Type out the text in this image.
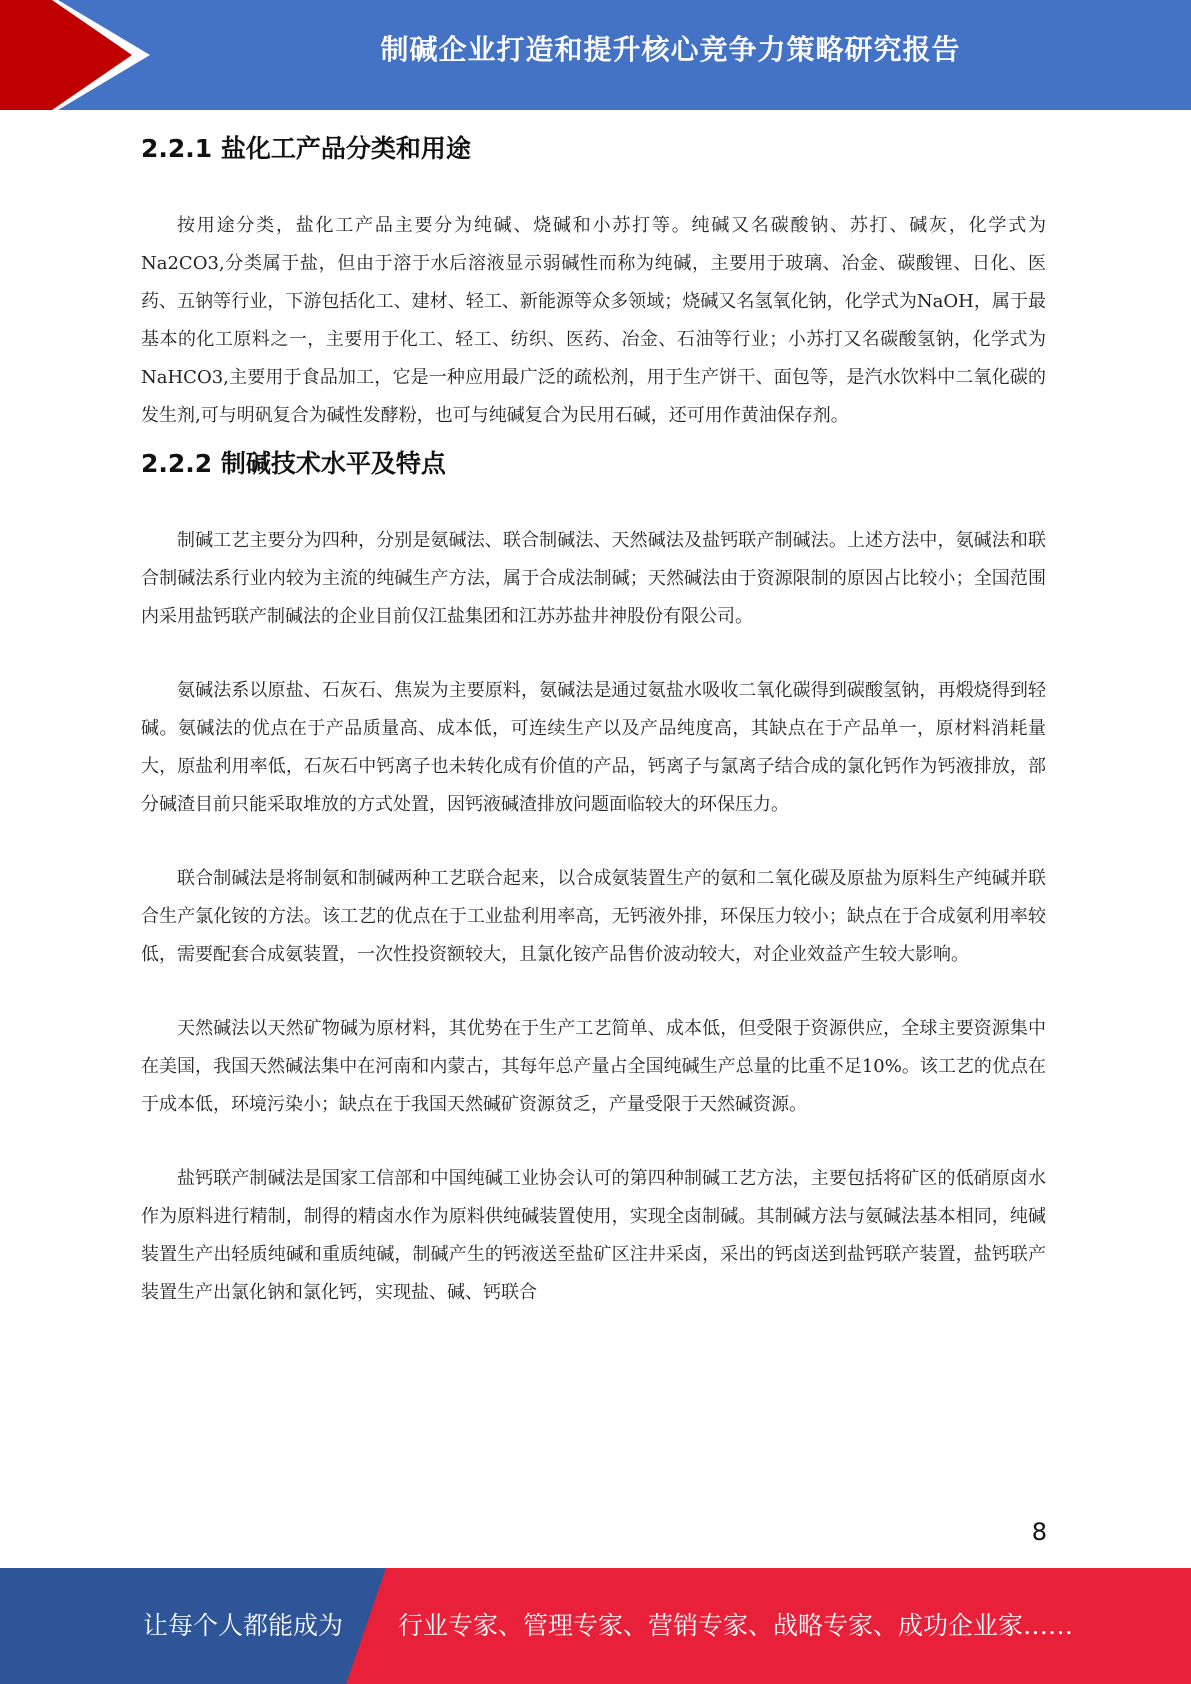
制碱企业打造和提升核心竞争力策略研究报告
2.2.1 盐化工产品分类和用途

按用途分类，盐化工产品主要分为纯碱、烧碱和小苏打等。纯碱又名碳酸钠、苏打、碱灰，化学式为Na2CO3,分类属于盐，但由于溶于水后溶液显示弱碱性而称为纯碱，主要用于玻璃、冶金、碳酸锂、日化、医药、五钠等行业，下游包括化工、建材、轻工、新能源等众多领域；烧碱又名氢氧化钠，化学式为NaOH，属于最基本的化工原料之一，主要用于化工、轻工、纺织、医药、冶金、石油等行业；小苏打又名碳酸氢钠，化学式为NaHCO3,主要用于食品加工，它是一种应用最广泛的疏松剂，用于生产饼干、面包等，是汽水饮料中二氧化碳的发生剂,可与明矾复合为碱性发酵粉，也可与纯碱复合为民用石碱，还可用作黄油保存剂。

2.2.2 制碱技术水平及特点

制碱工艺主要分为四种，分别是氨碱法、联合制碱法、天然碱法及盐钙联产制碱法。上述方法中，氨碱法和联合制碱法系行业内较为主流的纯碱生产方法，属于合成法制碱；天然碱法由于资源限制的原因占比较小；全国范围内采用盐钙联产制碱法的企业目前仅江盐集团和江苏苏盐井神股份有限公司。

氨碱法系以原盐、石灰石、焦炭为主要原料，氨碱法是通过氨盐水吸收二氧化碳得到碳酸氢钠，再煅烧得到轻碱。氨碱法的优点在于产品质量高、成本低，可连续生产以及产品纯度高，其缺点在于产品单一，原材料消耗量大，原盐利用率低，石灰石中钙离子也未转化成有价值的产品，钙离子与氯离子结合成的氯化钙作为钙液排放，部分碱渣目前只能采取堆放的方式处置，因钙液碱渣排放问题面临较大的环保压力。

联合制碱法是将制氨和制碱两种工艺联合起来，以合成氨装置生产的氨和二氧化碳及原盐为原料生产纯碱并联合生产氯化铵的方法。该工艺的优点在于工业盐利用率高，无钙液外排，环保压力较小；缺点在于合成氨利用率较低，需要配套合成氨装置，一次性投资额较大，且氯化铵产品售价波动较大，对企业效益产生较大影响。

天然碱法以天然矿物碱为原材料，其优势在于生产工艺简单、成本低，但受限于资源供应，全球主要资源集中在美国，我国天然碱法集中在河南和内蒙古，其每年总产量占全国纯碱生产总量的比重不足10%。该工艺的优点在于成本低，环境污染小；缺点在于我国天然碱矿资源贫乏，产量受限于天然碱资源。

盐钙联产制碱法是国家工信部和中国纯碱工业协会认可的第四种制碱工艺方法，主要包括将矿区的低硝原卤水作为原料进行精制，制得的精卤水作为原料供纯碱装置使用，实现全卤制碱。其制碱方法与氨碱法基本相同，纯碱装置生产出轻质纯碱和重质纯碱，制碱产生的钙液送至盐矿区注井采卤，采出的钙卤送到盐钙联产装置，盐钙联产装置生产出氯化钠和氯化钙，实现盐、碱、钙联合

8
让每个人都能成为 行业专家、管理专家、营销专家、战略专家、成功企业家……
